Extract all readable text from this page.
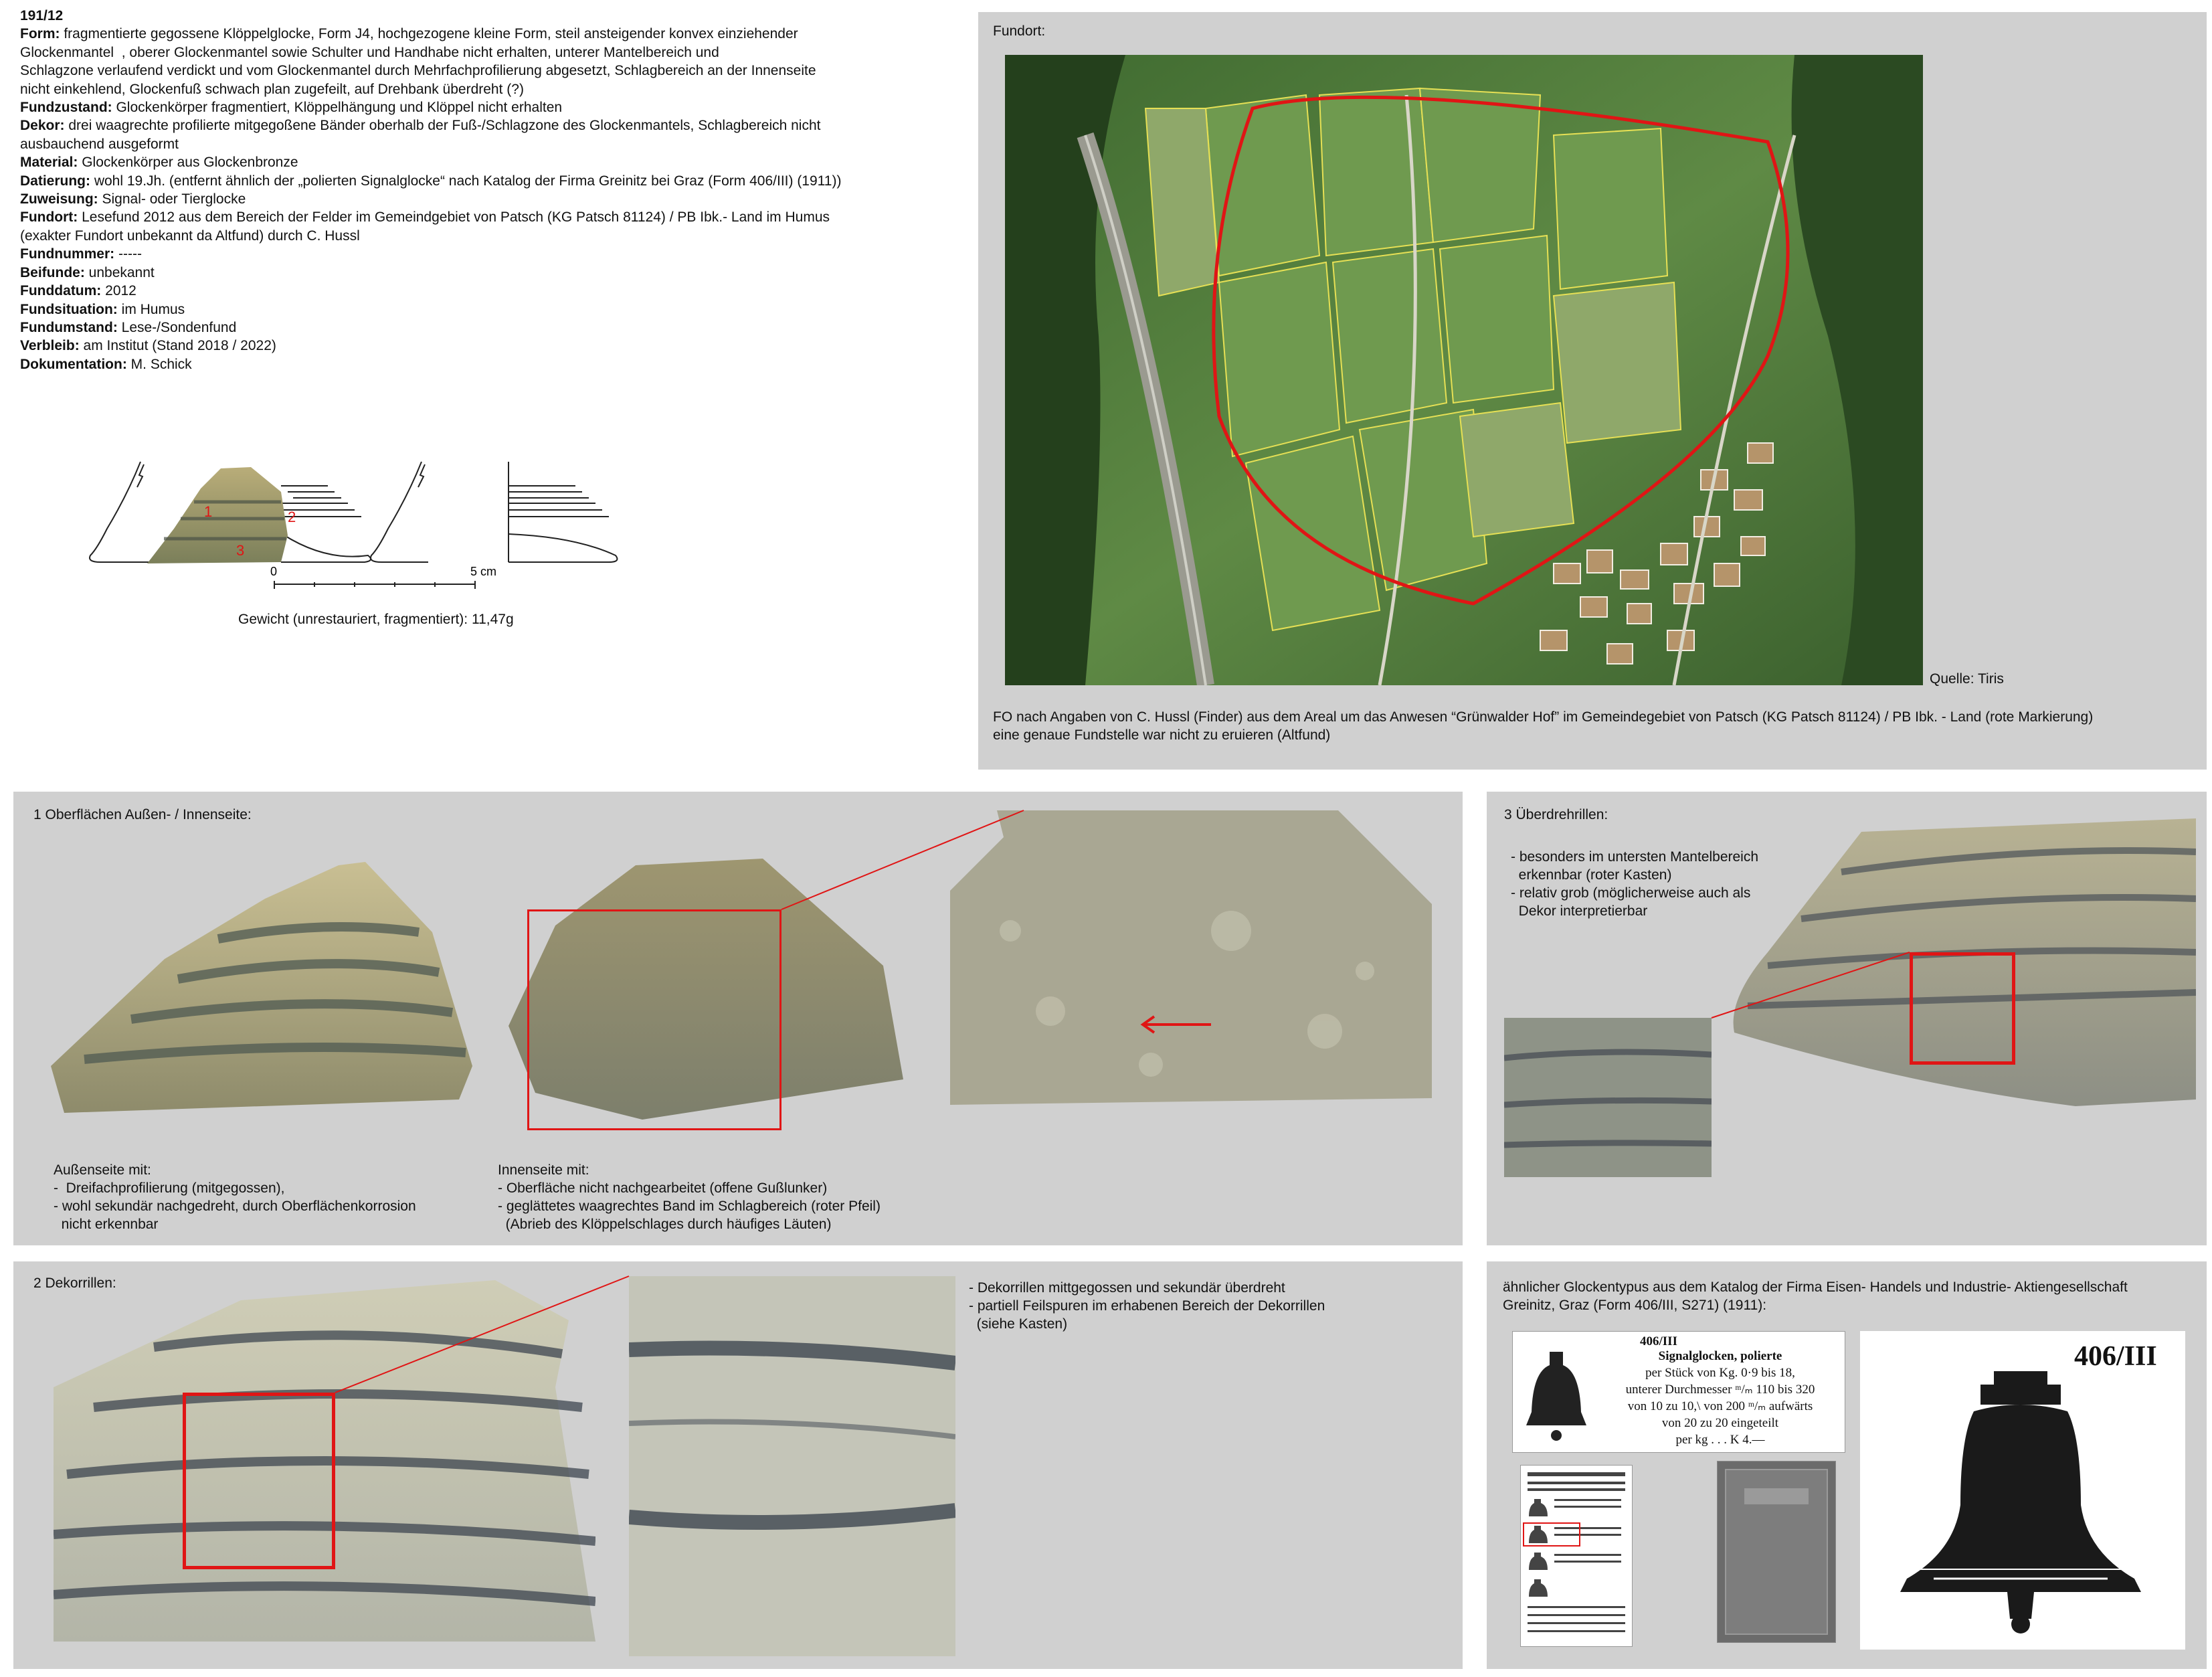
191/12
Form: fragmentierte gegossene Klöppelglocke, Form J4, hochgezogene kleine Form, steil ansteigender konvex einziehender
Glockenmantel  , oberer Glockenmantel sowie Schulter und Handhabe nicht erhalten, unterer Mantelbereich und
Schlagzone verlaufend verdickt und vom Glockenmantel durch Mehrfachprofilierung abgesetzt, Schlagbereich an der Innenseite
nicht einkehlend, Glockenfuß schwach plan zugefeilt, auf Drehbank überdreht (?)
Fundzustand: Glockenkörper fragmentiert, Klöppelhängung und Klöppel nicht erhalten
Dekor: drei waagrechte profilierte mitgegoßene Bänder oberhalb der Fuß-/Schlagzone des Glockenmantels, Schlagbereich nicht
ausbauchend ausgeformt
Material: Glockenkörper aus Glockenbronze
Datierung: wohl 19.Jh. (entfernt ähnlich der „polierten Signalglocke“ nach Katalog der Firma Greinitz bei Graz (Form 406/III) (1911))
Zuweisung: Signal- oder Tierglocke
Fundort: Lesefund 2012 aus dem Bereich der Felder im Gemeindgebiet von Patsch (KG Patsch 81124) / PB Ibk.- Land im Humus
(exakter Fundort unbekannt da Altfund) durch C. Hussl
Fundnummer: -----
Beifunde: unbekannt
Funddatum: 2012
Fundsituation: im Humus
Fundumstand: Lese-/Sondenfund
Verbleib: am Institut (Stand 2018 / 2022)
Dokumentation: M. Schick
1	2
3
0	5 cm
Gewicht (unrestauriert, fragmentiert): 11,47g
Fundort:
Quelle: Tiris
FO nach Angaben von C. Hussl (Finder) aus dem Areal um das Anwesen “Grünwalder Hof” im Gemeindegebiet von Patsch (KG Patsch 81124) / PB Ibk. - Land (rote Markierung)
eine genaue Fundstelle war nicht zu eruieren (Altfund)
1 Oberflächen Außen- / Innenseite:
Außenseite mit:
-  Dreifachprofilierung (mitgegossen),
- wohl sekundär nachgedreht, durch Oberflächenkorrosion
nicht erkennbar
Innenseite mit:
- Oberfläche nicht nachgearbeitet (offene Gußlunker)
- geglättetes waagrechtes Band im Schlagbereich (roter Pfeil)
(Abrieb des Klöppelschlages durch häufiges Läuten)
3 Überdrehrillen:
- besonders im untersten Mantelbereich
erkennbar (roter Kasten)
- relativ grob (möglicherweise auch als
Dekor interpretierbar
2 Dekorrillen:	- Dekorrillen mittgegossen und sekundär überdreht
- partiell Feilspuren im erhabenen Bereich der Dekorrillen
(siehe Kasten)
ähnlicher Glockentypus aus dem Katalog der Firma Eisen- Handels und Industrie- Aktiengesellschaft
Greinitz, Graz (Form 406/III, S271) (1911):
406/III
Signalglocken, polierte
per Stück von Kg. 0·9 bis 18,
unterer Durchmesser ᵐ/ₘ 110 bis 320
von 10 zu 10,\ von 200 ᵐ/ₘ aufwärts
von 20 zu 20 eingeteilt
per kg . . . K 4.—
406/III
